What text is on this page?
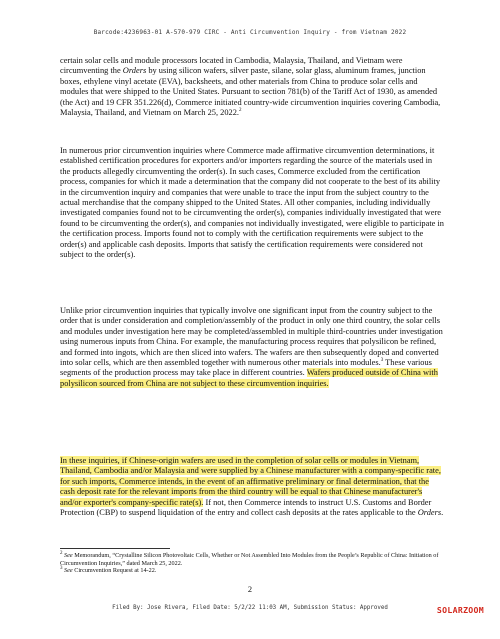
Barcode:4236963-01 A-570-979 CIRC - Anti Circumvention Inquiry - from Vietnam 2022

certain solar cells and module processors located in Cambodia, Malaysia, Thailand, and Vietnam were circumventing the Orders by using silicon wafers, silver paste, silane, solar glass, aluminum frames, junction boxes, ethylene vinyl acetate (EVA), backsheets, and other materials from China to produce solar cells and modules that were shipped to the United States. Pursuant to section 781(b) of the Tariff Act of 1930, as amended (the Act) and 19 CFR 351.226(d), Commerce initiated country-wide circumvention inquiries covering Cambodia, Malaysia, Thailand, and Vietnam on March 25, 2022.$^2$

In numerous prior circumvention inquiries where Commerce made affirmative circumvention determinations, it established certification procedures for exporters and/or importers regarding the source of the materials used in the products allegedly circumventing the order(s). In such cases, Commerce excluded from the certification process, companies for which it made a determination that the company did not cooperate to the best of its ability in the circumvention inquiry and companies that were unable to trace the input from the subject country to the actual merchandise that the company shipped to the United States. All other companies, including individually investigated companies found not to be circumventing the order(s), companies individually investigated that were found to be circumventing the order(s), and companies not individually investigated, were eligible to participate in the certification process. Imports found not to comply with the certification requirements were subject to the order(s) and applicable cash deposits. Imports that satisfy the certification requirements were considered not subject to the order(s).

Unlike prior circumvention inquiries that typically involve one significant input from the country subject to the order that is under consideration and completion/assembly of the product in only one third country, the solar cells and modules under investigation here may be completed/assembled in multiple third-countries under investigation using numerous inputs from China. For example, the manufacturing process requires that polysilicon be refined, and formed into ingots, which are then sliced into wafers. The wafers are then subsequently doped and converted into solar cells, which are then assembled together with numerous other materials into modules.$^3$ These various segments of the production process may take place in different countries. Wafers produced outside of China with polysilicon sourced from China are not subject to these circumvention inquiries.

In these inquiries, if Chinese-origin wafers are used in the completion of solar cells or modules in Vietnam, Thailand, Cambodia and/or Malaysia and were supplied by a Chinese manufacturer with a company-specific rate, for such imports, Commerce intends, in the event of an affirmative preliminary or final determination, that the cash deposit rate for the relevant imports from the third country will be equal to that Chinese manufacturer's and/or exporter's company-specific rate(s). If not, then Commerce intends to instruct U.S. Customs and Border Protection (CBP) to suspend liquidation of the entry and collect cash deposits at the rates applicable to the Orders.

$^2$ See Memorandum, “Crystalline Silicon Photovoltaic Cells, Whether or Not Assembled Into Modules from the People’s Republic of China: Initiation of Circumvention Inquiries,” dated March 25, 2022.

$^3$ See Circumvention Request at 14-22.

2
Filed By: Jose Rivera, Filed Date: 5/2/22 11:03 AM, Submission Status: Approved	SOLARZOOM
